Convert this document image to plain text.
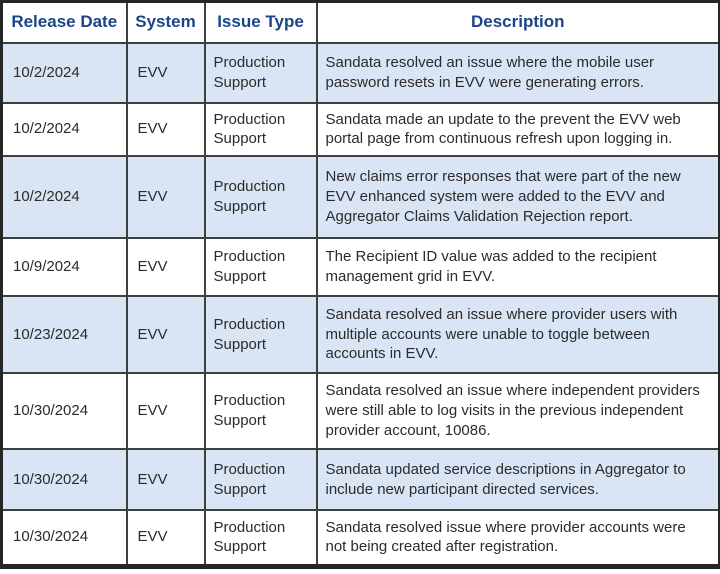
Release Date	System	Issue Type	Description
10/2/2024	EVV	Production Support	Sandata resolved an issue where the mobile user password resets in EVV were generating errors.
10/2/2024	EVV	Production Support	Sandata made an update to the prevent the EVV web portal page from continuous refresh upon logging in.
10/2/2024	EVV	Production Support	New claims error responses that were part of the new EVV enhanced system were added to the EVV and Aggregator Claims Validation Rejection report.
10/9/2024	EVV	Production Support	The Recipient ID value was added to the recipient management grid in EVV.
10/23/2024	EVV	Production Support	Sandata resolved an issue where provider users with multiple accounts were unable to toggle between accounts in EVV.
10/30/2024	EVV	Production Support	Sandata resolved an issue where independent providers were still able to log visits in the previous independent provider account, 10086.
10/30/2024	EVV	Production Support	Sandata updated service descriptions in Aggregator to include new participant directed services.
10/30/2024	EVV	Production Support	Sandata resolved issue where provider accounts were not being created after registration.
